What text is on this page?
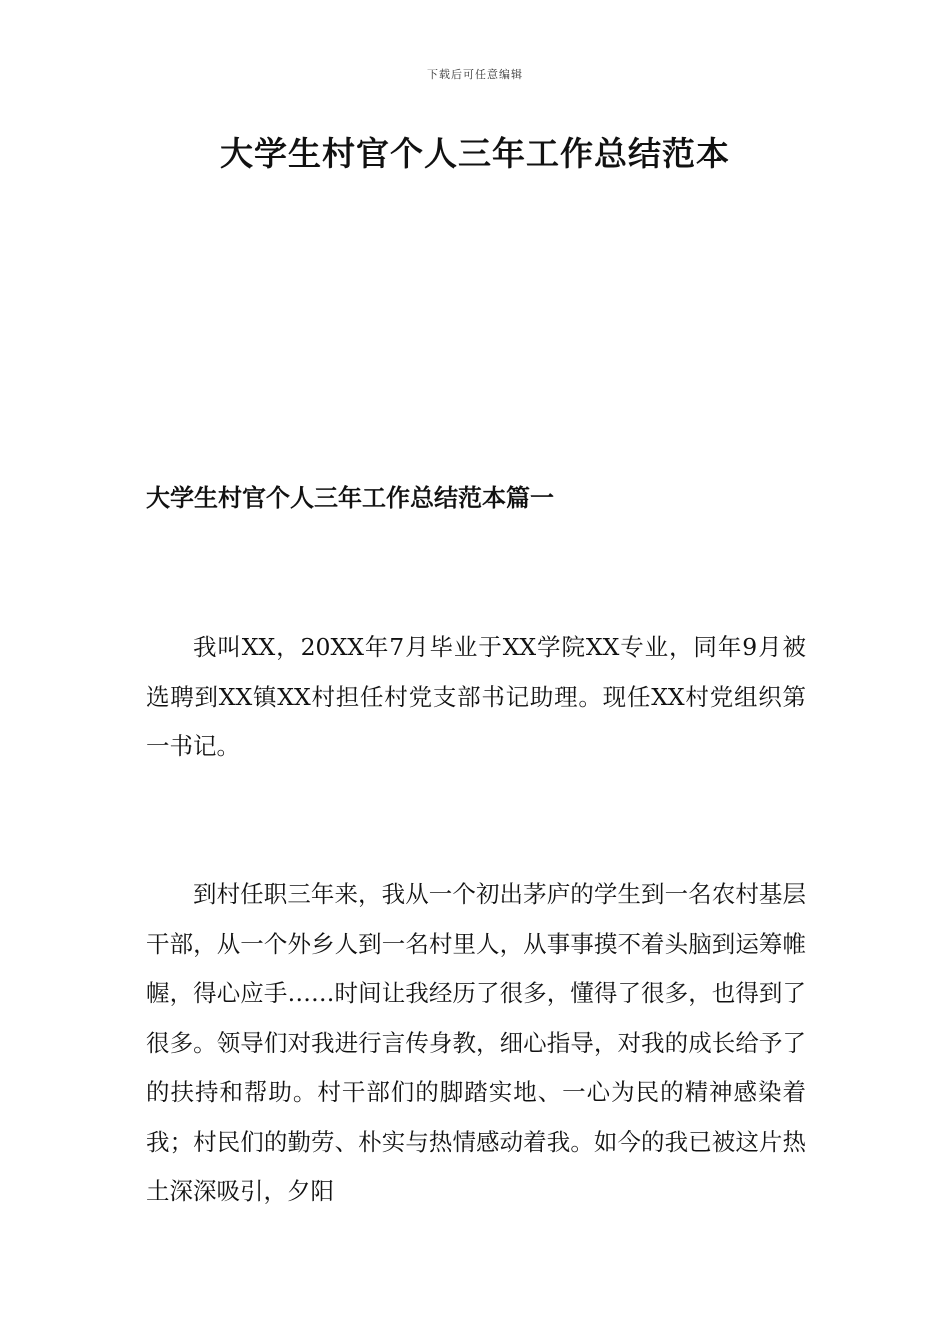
下载后可任意编辑
大学生村官个人三年工作总结范本
大学生村官个人三年工作总结范本篇一

我叫XX，20XX年7月毕业于XX学院XX专业，同年9月被选聘到XX镇XX村担任村党支部书记助理。现任XX村党组织第一书记。

到村任职三年来，我从一个初出茅庐的学生到一名农村基层干部，从一个外乡人到一名村里人，从事事摸不着头脑到运筹帷幄，得心应手……时间让我经历了很多，懂得了很多，也得到了很多。领导们对我进行言传身教，细心指导，对我的成长给予了的扶持和帮助。村干部们的脚踏实地、一心为民的精神感染着我；村民们的勤劳、朴实与热情感动着我。如今的我已被这片热土深深吸引，夕阳
